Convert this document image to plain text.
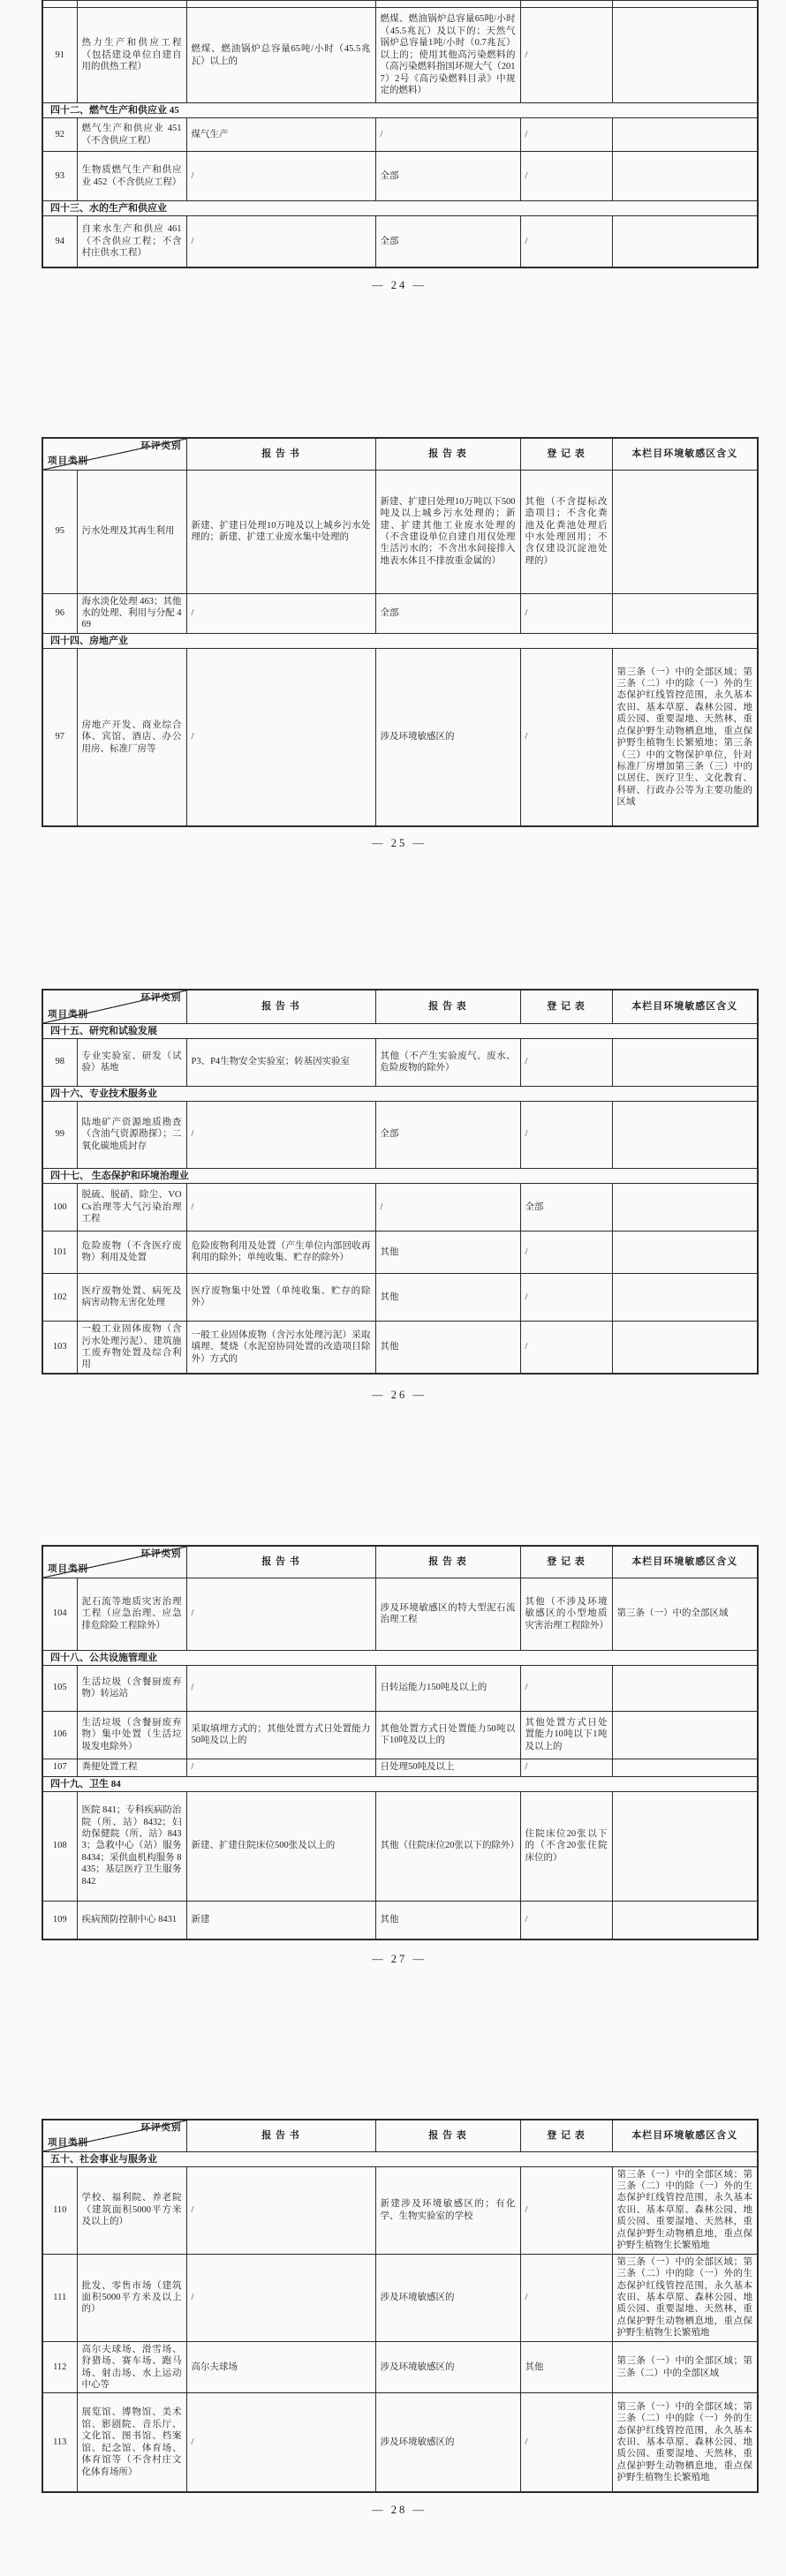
91	热力生产和供应工程（包括建设单位自建自用的供热工程）	燃煤、燃油锅炉总容量65吨/小时（45.5兆瓦）以上的	燃煤、燃油锅炉总容量65吨/小时（45.5兆瓦）及以下的；天然气锅炉总容量1吨/小时（0.7兆瓦）以上的；使用其他高污染燃料的（高污染燃料指国环规大气（2017）2号《高污染燃料目录》中规定的燃料）	/	
四十二、燃气生产和供应业 45					
92	燃气生产和供应业 451（不含供应工程）	煤气生产	/	/	
93	生物质燃气生产和供应业 452（不含供应工程）	/	全部	/	
四十三、水的生产和供应业					
94	自来水生产和供应 461（不含供应工程；不含村庄供水工程）	/	全部	/	
— 24 —
环评类别
项目类别		报 告 书	报 告 表	登 记 表	本栏目环境敏感区含义
95	污水处理及其再生利用	新建、扩建日处理10万吨及以上城乡污水处理的；新建、扩建工业废水集中处理的	新建、扩建日处理10万吨以下500吨及以上城乡污水处理的；新建、扩建其他工业废水处理的（不含建设单位自建自用仅处理生活污水的；不含出水间接排入地表水体且不排放重金属的）	其他（不含提标改造项目；不含化粪池及化粪池处理后中水处理回用；不含仅建设沉淀池处理的）	
96	海水淡化处理 463；其他水的处理、利用与分配 469	/	全部	/	
四十四、房地产业					
97	房地产开发、商业综合体、宾馆、酒店、办公用房、标准厂房等	/	涉及环境敏感区的	/	第三条（一）中的全部区域；第三条（二）中的除（一）外的生态保护红线管控范围，永久基本农田、基本草原、森林公园、地质公园、重要湿地、天然林，重点保护野生动物栖息地，重点保护野生植物生长繁殖地；第三条（三）中的文物保护单位，针对标准厂房增加第三条（三）中的以居住、医疗卫生、文化教育、科研、行政办公等为主要功能的区域
— 25 —
环评类别
项目类别		报 告 书	报 告 表	登 记 表	本栏目环境敏感区含义
四十五、研究和试验发展					
98	专业实验室、研发（试验）基地	P3、P4生物安全实验室；转基因实验室	其他（不产生实验废气、废水、危险废物的除外）	/	
四十六、专业技术服务业					
99	陆地矿产资源地质勘查（含油气资源勘探）；二氧化碳地质封存	/	全部	/	
四十七、 生态保护和环境治理业					
100	脱硫、脱硝、除尘、VOCs治理等大气污染治理工程	/	/	全部	
101	危险废物（不含医疗废物）利用及处置	危险废物利用及处置（产生单位内部回收再利用的除外；单纯收集、贮存的除外）	其他	/	
102	医疗废物处置、病死及病害动物无害化处理	医疗废物集中处置（单纯收集、贮存的除外）	其他	/	
103	一般工业固体废物（含污水处理污泥）、建筑施工废弃物处置及综合利用	一般工业固体废物（含污水处理污泥）采取填埋、焚烧（水泥窑协同处置的改造项目除外）方式的	其他	/	
— 26 —
环评类别
项目类别		报 告 书	报 告 表	登 记 表	本栏目环境敏感区含义
104	泥石流等地质灾害治理工程（应急治理、应急排危除险工程除外）	/	涉及环境敏感区的特大型泥石流治理工程	其他（不涉及环境敏感区的小型地质灾害治理工程除外）	第三条（一）中的全部区域
四十八、公共设施管理业					
105	生活垃圾（含餐厨废弃物）转运站	/	日转运能力150吨及以上的	/	
106	生活垃圾（含餐厨废弃物）集中处置（生活垃圾发电除外）	采取填埋方式的；其他处置方式日处置能力50吨及以上的	其他处置方式日处置能力50吨以下10吨及以上的	其他处置方式日处置能力10吨以下1吨及以上的	
107	粪便处置工程	/	日处理50吨及以上	/	
四十九、卫生 84					
108	医院 841；专科疾病防治院（所、站）8432；妇幼保健院（所、站）8433；急救中心（站）服务 8434；采供血机构服务 8435；基层医疗卫生服务 842	新建、扩建住院床位500张及以上的	其他（住院床位20张以下的除外）	住院床位20张以下的（不含20张住院床位的）	
109	疾病预防控制中心 8431	新建	其他	/	
— 27 —
环评类别
项目类别		报 告 书	报 告 表	登 记 表	本栏目环境敏感区含义
五十、社会事业与服务业					
110	学校、福利院、养老院（建筑面积5000平方米及以上的）	/	新建涉及环境敏感区的；有化学、生物实验室的学校	/	第三条（一）中的全部区域；第三条（二）中的除（一）外的生态保护红线管控范围，永久基本农田、基本草原、森林公园、地质公园、重要湿地、天然林，重点保护野生动物栖息地，重点保护野生植物生长繁殖地
111	批发、零售市场（建筑面积5000平方米及以上的）	/	涉及环境敏感区的	/	第三条（一）中的全部区域；第三条（二）中的除（一）外的生态保护红线管控范围，永久基本农田、基本草原、森林公园、地质公园、重要湿地、天然林，重点保护野生动物栖息地，重点保护野生植物生长繁殖地
112	高尔夫球场、滑雪场、狩猎场、赛车场、跑马场、射击场、水上运动中心等	高尔夫球场	涉及环境敏感区的	其他	第三条（一）中的全部区域；第三条（二）中的全部区域
113	展览馆、博物馆、美术馆、影剧院、音乐厅、文化馆、图书馆、档案馆、纪念馆、体育场、体育馆等（不含村庄文化体育场所）	/	涉及环境敏感区的	/	第三条（一）中的全部区域；第三条（二）中的除（一）外的生态保护红线管控范围，永久基本农田、基本草原、森林公园、地质公园、重要湿地、天然林，重点保护野生动物栖息地，重点保护野生植物生长繁殖地
— 28 —
